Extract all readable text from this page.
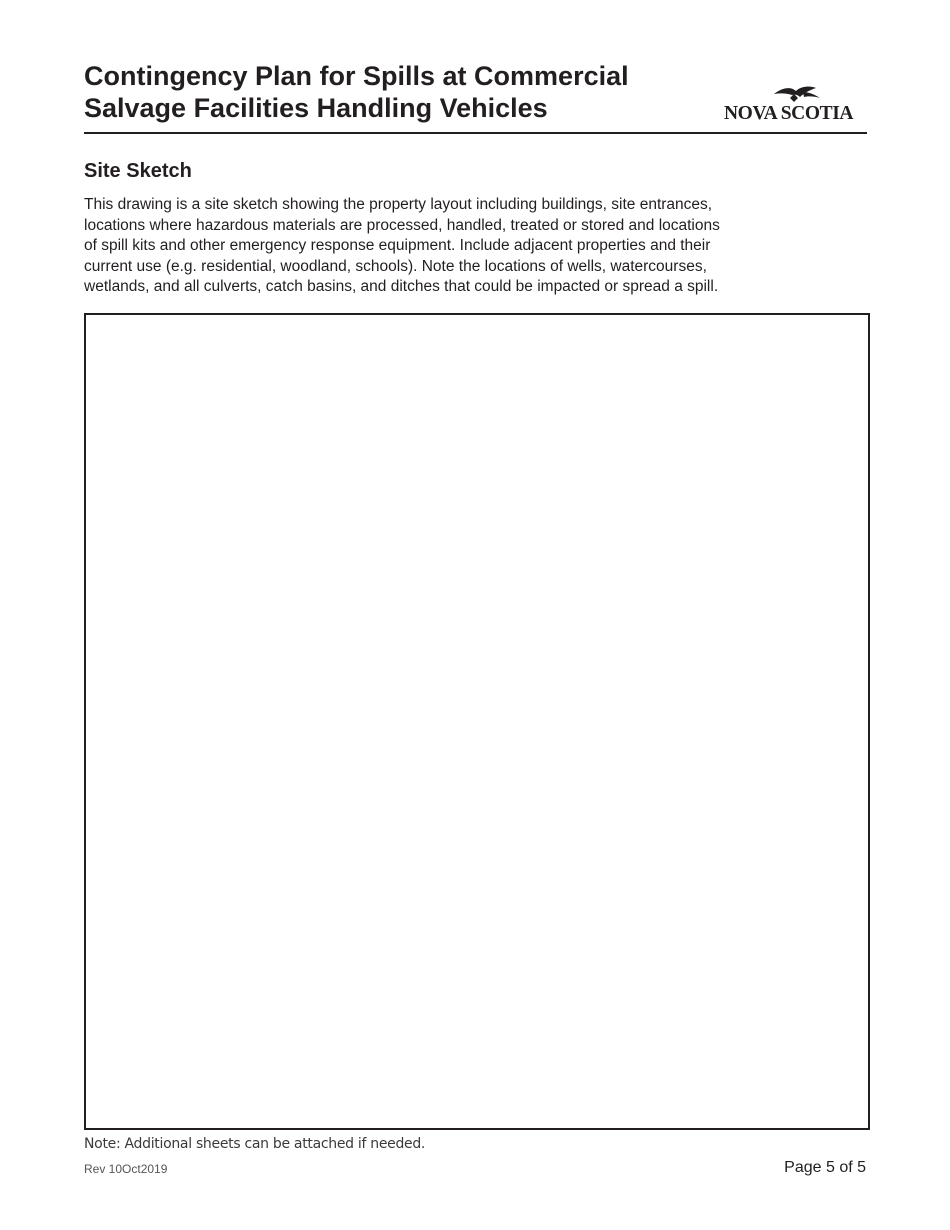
Contingency Plan for Spills at Commercial
Salvage Facilities Handling Vehicles	NOVA SCOTIA
Site Sketch
This drawing is a site sketch showing the property layout including buildings, site entrances,
locations where hazardous materials are processed, handled, treated or stored and locations
of spill kits and other emergency response equipment. Include adjacent properties and their
current use (e.g. residential, woodland, schools). Note the locations of wells, watercourses,
wetlands, and all culverts, catch basins, and ditches that could be impacted or spread a spill.
Note: Additional sheets can be attached if needed.
Rev 10Oct2019	Page 5 of 5
